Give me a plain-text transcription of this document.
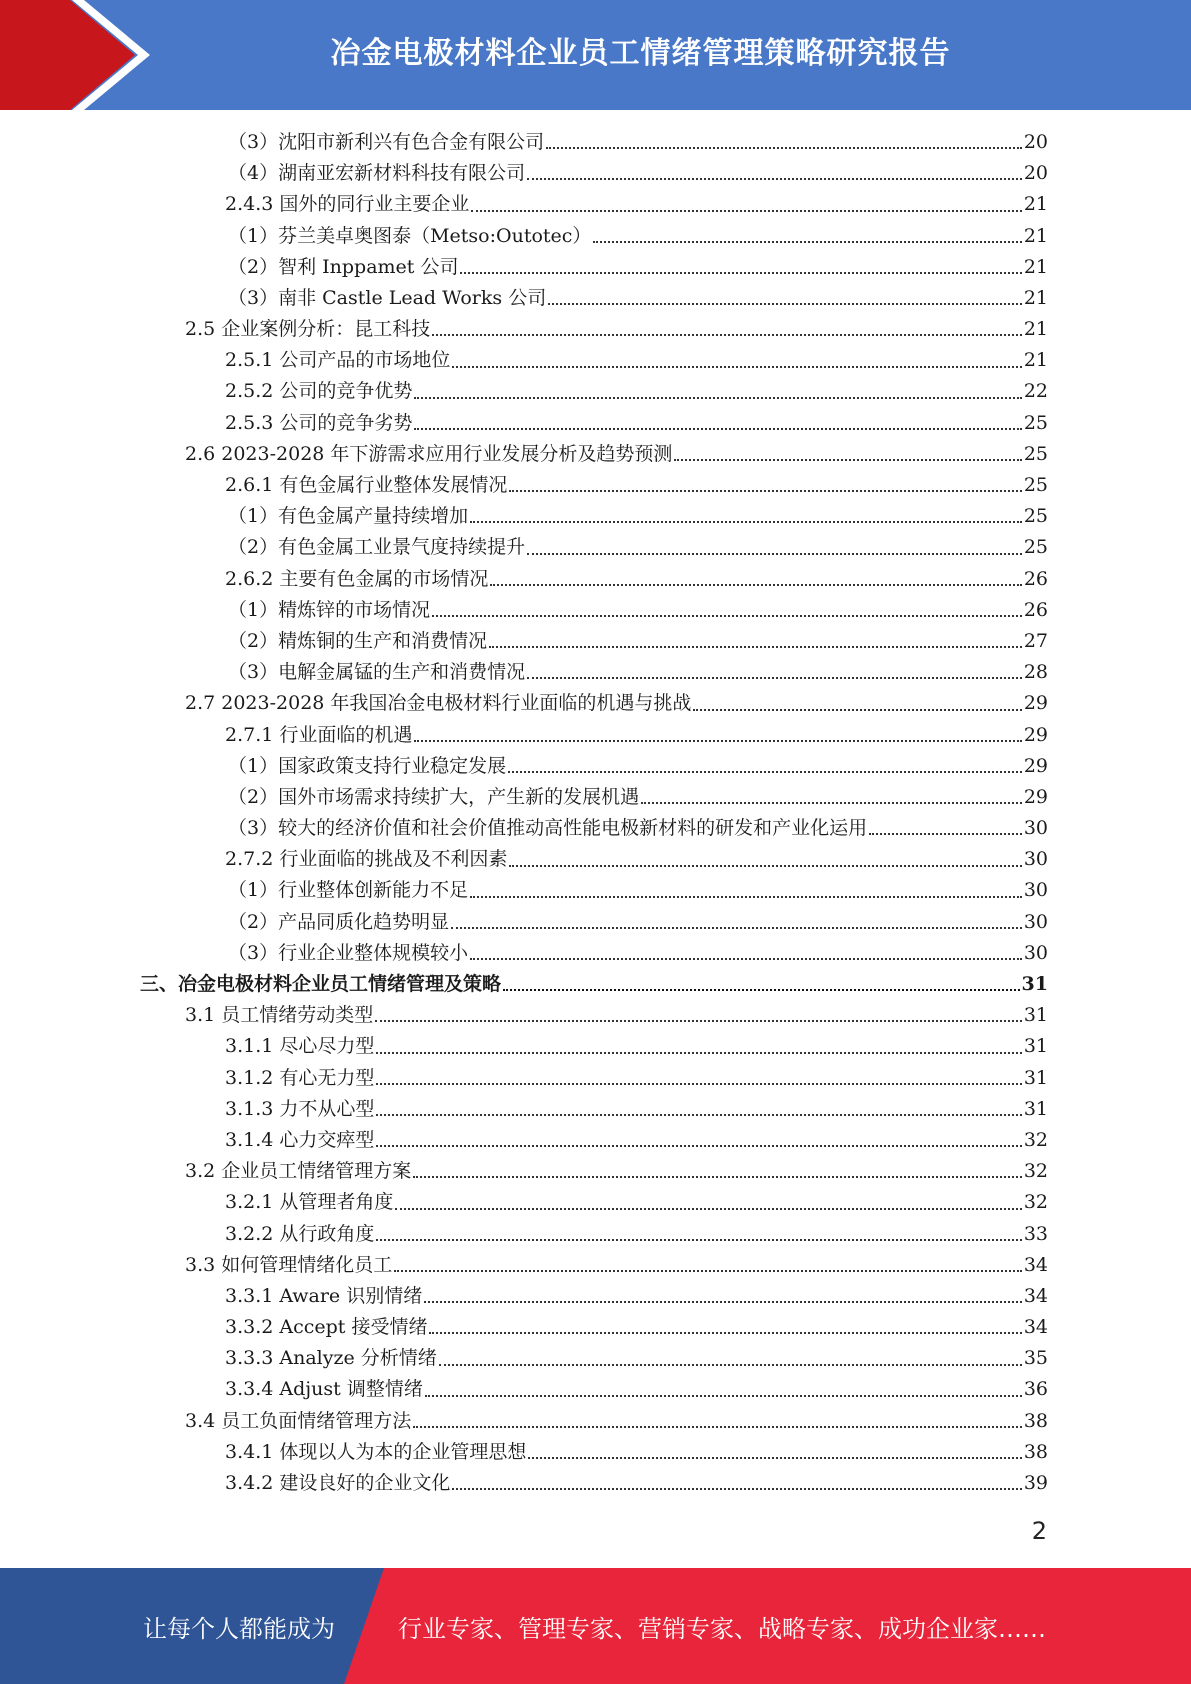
冶金电极材料企业员工情绪管理策略研究报告
（3）沈阳市新利兴有色合金有限公司	20
（4）湖南亚宏新材料科技有限公司	20
2.4.3 国外的同行业主要企业	21
（1）芬兰美卓奥图泰（Metso:Outotec）	21
（2）智利 Inppamet 公司	21
（3）南非 Castle Lead Works 公司	21
2.5 企业案例分析：昆工科技	21
2.5.1 公司产品的市场地位	21
2.5.2 公司的竞争优势	22
2.5.3 公司的竞争劣势	25
2.6 2023-2028 年下游需求应用行业发展分析及趋势预测	25
2.6.1 有色金属行业整体发展情况	25
（1）有色金属产量持续增加	25
（2）有色金属工业景气度持续提升	25
2.6.2 主要有色金属的市场情况	26
（1）精炼锌的市场情况	26
（2）精炼铜的生产和消费情况	27
（3）电解金属锰的生产和消费情况	28
2.7 2023-2028 年我国冶金电极材料行业面临的机遇与挑战	29
2.7.1 行业面临的机遇	29
（1）国家政策支持行业稳定发展	29
（2）国外市场需求持续扩大，产生新的发展机遇	29
（3）较大的经济价值和社会价值推动高性能电极新材料的研发和产业化运用	30
2.7.2 行业面临的挑战及不利因素	30
（1）行业整体创新能力不足	30
（2）产品同质化趋势明显	30
（3）行业企业整体规模较小	30
三、冶金电极材料企业员工情绪管理及策略	31
3.1 员工情绪劳动类型	31
3.1.1 尽心尽力型	31
3.1.2 有心无力型	31
3.1.3 力不从心型	31
3.1.4 心力交瘁型	32
3.2 企业员工情绪管理方案	32
3.2.1 从管理者角度	32
3.2.2 从行政角度	33
3.3 如何管理情绪化员工	34
3.3.1 Aware 识别情绪	34
3.3.2 Accept 接受情绪	34
3.3.3 Analyze 分析情绪	35
3.3.4 Adjust 调整情绪	36
3.4 员工负面情绪管理方法	38
3.4.1 体现以人为本的企业管理思想	38
3.4.2 建设良好的企业文化	39
2
让每个人都能成为	行业专家、管理专家、营销专家、战略专家、成功企业家……
